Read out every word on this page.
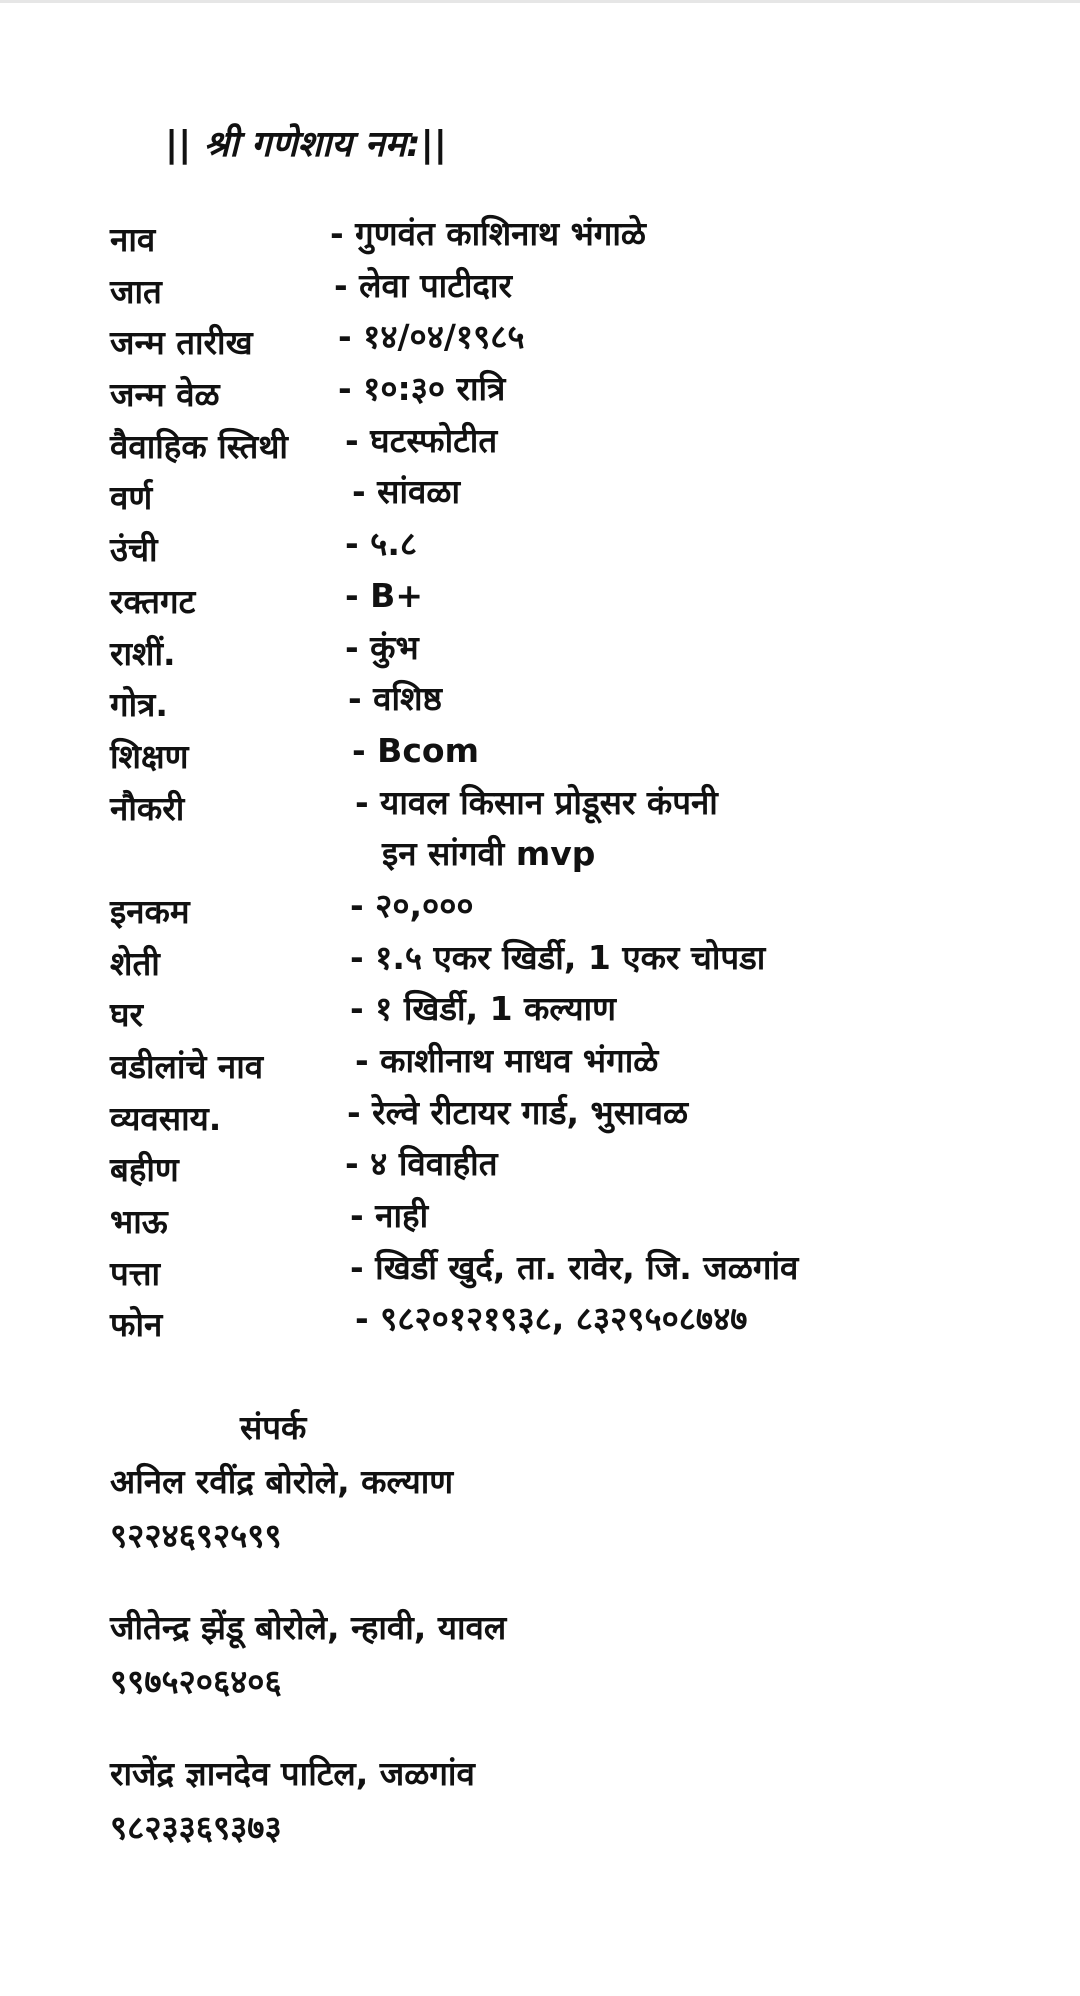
|| श्री गणेशाय नम:||
नाव	- गुणवंत काशिनाथ भंगाळे
जात	- लेवा पाटीदार
जन्म तारीख	- १४/०४/१९८५
जन्म वेळ	- १०:३० रात्रि
वैवाहिक स्तिथी - घटस्फोटीत
वर्ण	- सांवळा
उंची	- ५.८
रक्तगट	- B+
राशीं.	- कुंभ
गोत्र.	- वशिष्ठ
शिक्षण	- Bcom
नौकरी	- यावल किसान प्रोडूसर कंपनी
इन सांगवी mvp
इनकम	- २०,०००
शेती	- १.५ एकर खिर्डी, 1 एकर चोपडा
घर	- १ खिर्डी, 1 कल्याण
वडीलांचे नाव	- काशीनाथ माधव भंगाळे
व्यवसाय.	- रेल्वे रीटायर गार्ड, भुसावळ
बहीण	- ४ विवाहीत
भाऊ	- नाही
पत्ता	- खिर्डी खुर्द, ता. रावेर, जि. जळगांव
फोन	- ९८२०१२१९३८, ८३२९५०८७४७
संपर्क
अनिल रवींद्र बोरोले, कल्याण
९२२४६९२५९९
जीतेन्द्र झेंडू बोरोले, न्हावी, यावल
९९७५२०६४०६
राजेंद्र ज्ञानदेव पाटिल, जळगांव
९८२३३६९३७३
